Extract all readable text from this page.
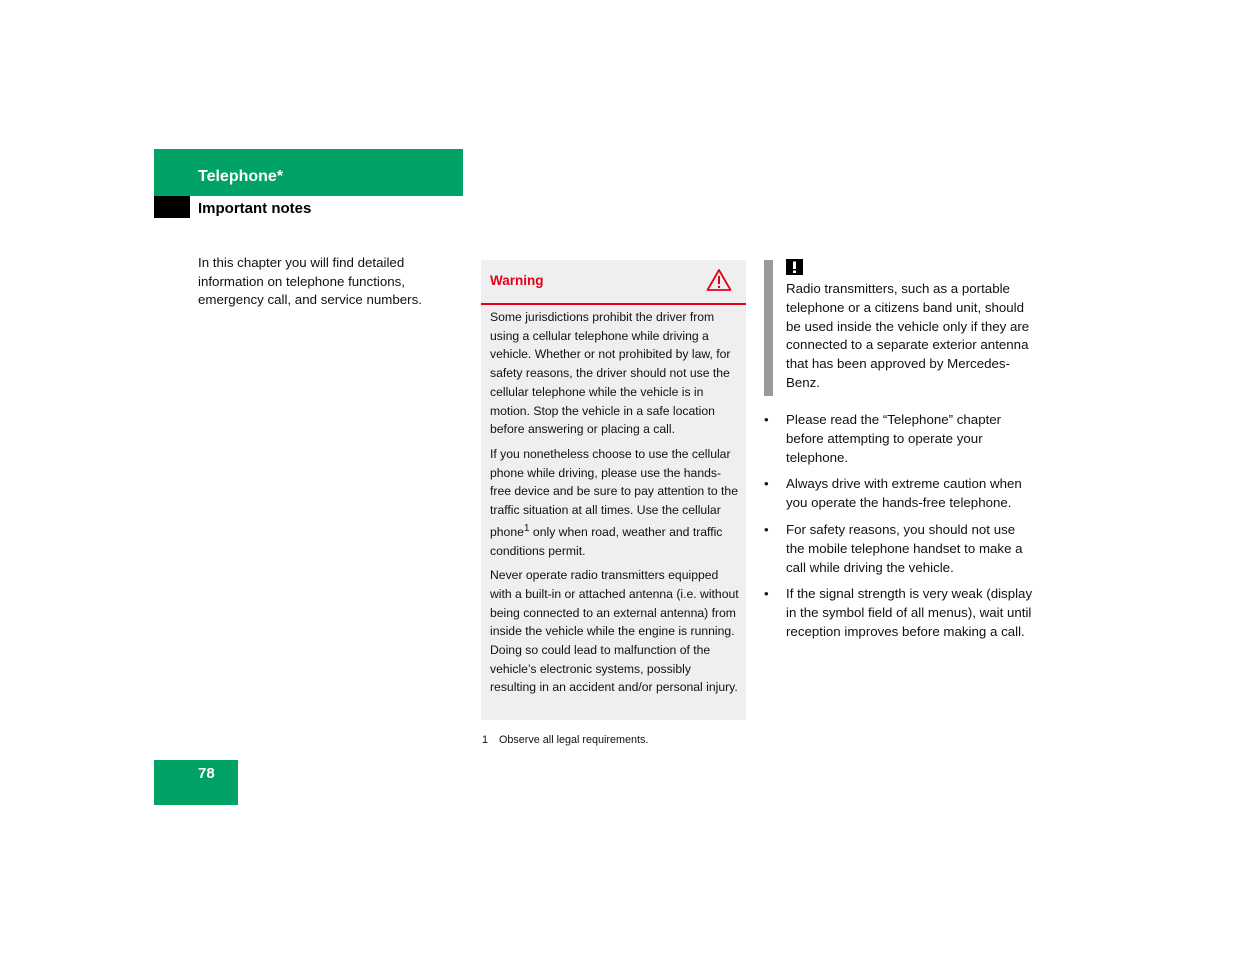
Telephone*
Important notes

In this chapter you will find detailed information on telephone functions, emergency call, and service numbers.

Warning

Some jurisdictions prohibit the driver from using a cellular telephone while driving a vehicle. Whether or not prohibited by law, for safety reasons, the driver should not use the cellular telephone while the vehicle is in motion. Stop the vehicle in a safe location before answering or placing a call.

If you nonetheless choose to use the cellular phone while driving, please use the hands-free device and be sure to pay attention to the traffic situation at all times. Use the cellular phone$^1$ only when road, weather and traffic conditions permit.

Never operate radio transmitters equipped with a built-in or attached antenna (i.e. without being connected to an external antenna) from inside the vehicle while the engine is running. Doing so could lead to malfunction of the vehicle’s electronic systems, possibly resulting in an accident and/or personal injury.

1 Observe all legal requirements.

Radio transmitters, such as a portable telephone or a citizens band unit, should be used inside the vehicle only if they are connected to a separate exterior antenna that has been approved by Mercedes-Benz.

• Please read the “Telephone” chapter before attempting to operate your telephone.
• Always drive with extreme caution when you operate the hands-free telephone.
• For safety reasons, you should not use the mobile telephone handset to make a call while driving the vehicle.
• If the signal strength is very weak (display in the symbol field of all menus), wait until reception improves before making a call.
78
